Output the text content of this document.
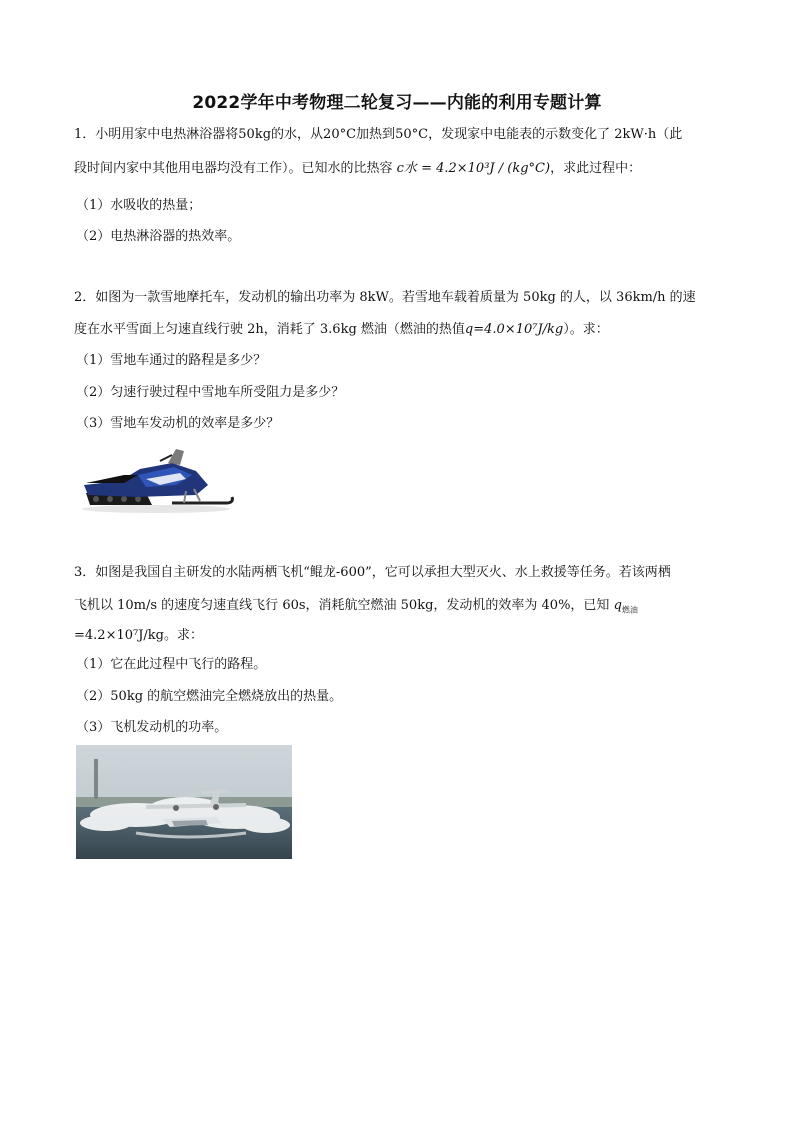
2022学年中考物理二轮复习——内能的利用专题计算
1．小明用家中电热淋浴器将50kg的水，从20°C加热到50°C，发现家中电能表的示数变化了 2kW·h（此
段时间内家中其他用电器均没有工作）。已知水的比热容 c水 = 4.2×10³J / (kg°C)，求此过程中：
（1）水吸收的热量；
（2）电热淋浴器的热效率。
2．如图为一款雪地摩托车，发动机的输出功率为 8kW。若雪地车载着质量为 50kg 的人，以 36km/h 的速
度在水平雪面上匀速直线行驶 2h，消耗了 3.6kg 燃油（燃油的热值q=4.0×10⁷J/kg）。求：
（1）雪地车通过的路程是多少？
（2）匀速行驶过程中雪地车所受阻力是多少？
（3）雪地车发动机的效率是多少？
3．如图是我国自主研发的水陆两栖飞机“鲲龙-600”，它可以承担大型灭火、水上救援等任务。若该两栖
飞机以 10m/s 的速度匀速直线飞行 60s，消耗航空燃油 50kg，发动机的效率为 40%，已知 $q_{燃油}$
=4.2×10⁷J/kg。求：
（1）它在此过程中飞行的路程。
（2）50kg 的航空燃油完全燃烧放出的热量。
（3）飞机发动机的功率。
